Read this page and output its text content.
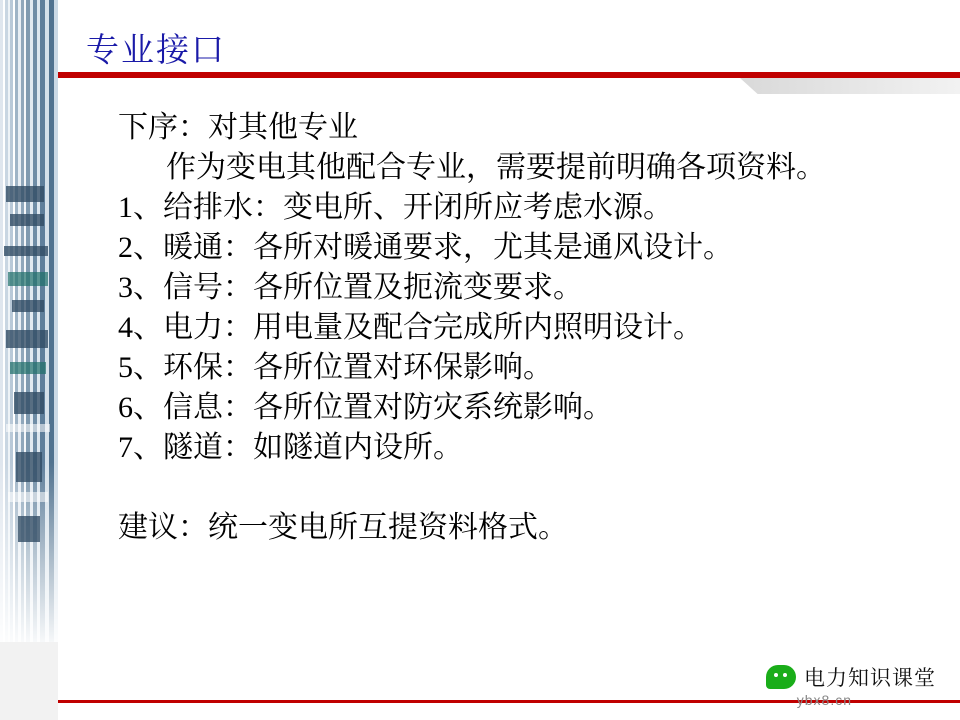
专业接口
下序：对其他专业
作为变电其他配合专业，需要提前明确各项资料。
1、给排水：变电所、开闭所应考虑水源。
2、暖通：各所对暖通要求，尤其是通风设计。
3、信号：各所位置及扼流变要求。
4、电力：用电量及配合完成所内照明设计。
5、环保：各所位置对环保影响。
6、信息：各所位置对防灾系统影响。
7、隧道：如隧道内设所。
建议：统一变电所互提资料格式。
电力知识课堂
ybx8.cn
